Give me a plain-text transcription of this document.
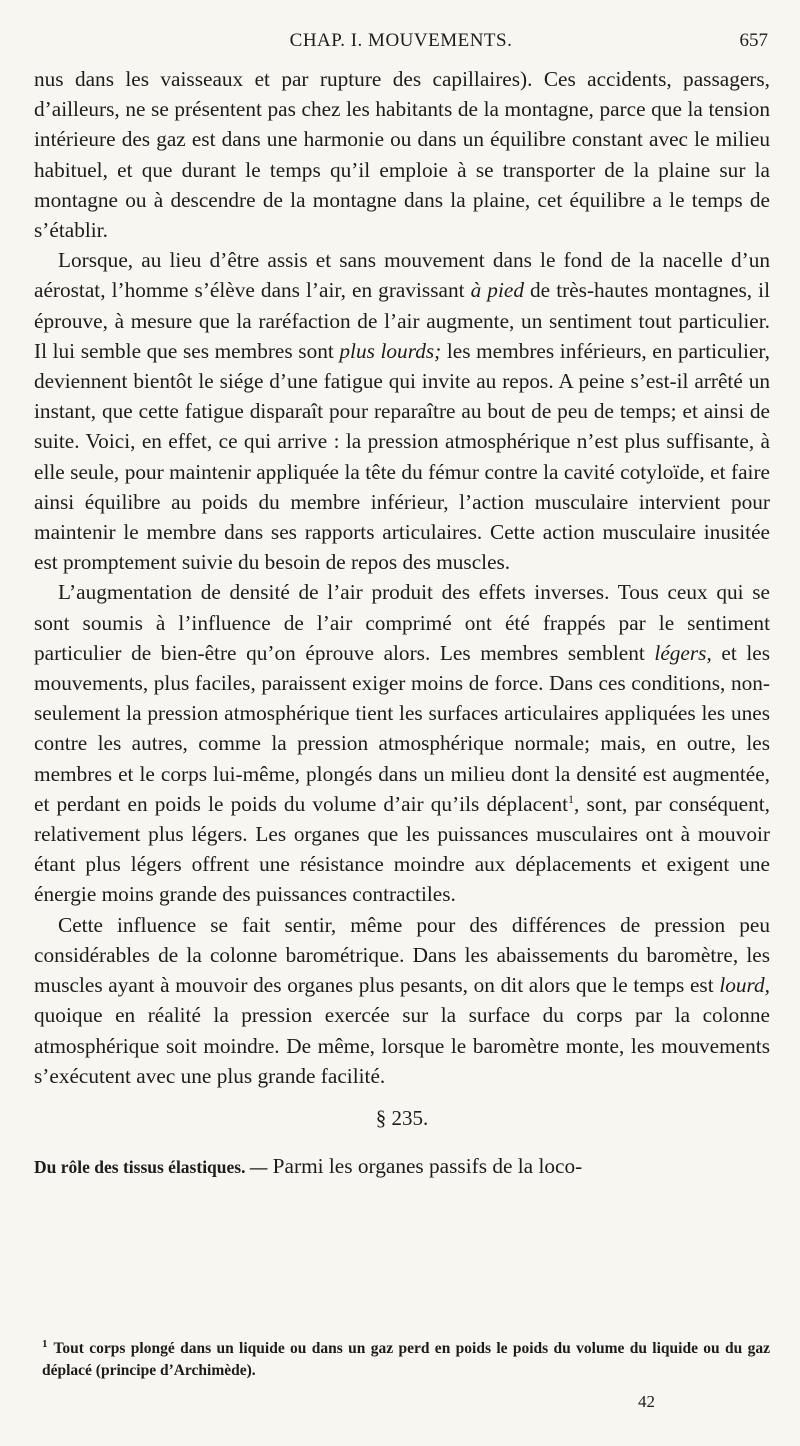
CHAP. I. MOUVEMENTS.	657

nus dans les vaisseaux et par rupture des capillaires). Ces accidents, passagers, d’ailleurs, ne se présentent pas chez les habitants de la montagne, parce que la tension intérieure des gaz est dans une harmonie ou dans un équilibre constant avec le milieu habituel, et que durant le temps qu’il emploie à se transporter de la plaine sur la montagne ou à descendre de la montagne dans la plaine, cet équilibre a le temps de s’établir.

Lorsque, au lieu d’être assis et sans mouvement dans le fond de la nacelle d’un aérostat, l’homme s’élève dans l’air, en gravissant à pied de très-hautes montagnes, il éprouve, à mesure que la raréfaction de l’air augmente, un sentiment tout particulier. Il lui semble que ses membres sont plus lourds; les membres inférieurs, en particulier, deviennent bientôt le siége d’une fatigue qui invite au repos. A peine s’est-il arrêté un instant, que cette fatigue disparaît pour reparaître au bout de peu de temps; et ainsi de suite. Voici, en effet, ce qui arrive : la pression atmosphérique n’est plus suffisante, à elle seule, pour maintenir appliquée la tête du fémur contre la cavité cotyloïde, et faire ainsi équilibre au poids du membre inférieur, l’action musculaire intervient pour maintenir le membre dans ses rapports articulaires. Cette action musculaire inusitée est promptement suivie du besoin de repos des muscles.

L’augmentation de densité de l’air produit des effets inverses. Tous ceux qui se sont soumis à l’influence de l’air comprimé ont été frappés par le sentiment particulier de bien-être qu’on éprouve alors. Les membres semblent légers, et les mouvements, plus faciles, paraissent exiger moins de force. Dans ces conditions, non-seulement la pression atmosphérique tient les surfaces articulaires appliquées les unes contre les autres, comme la pression atmosphérique normale; mais, en outre, les membres et le corps lui-même, plongés dans un milieu dont la densité est augmentée, et perdant en poids le poids du volume d’air qu’ils déplacent$^1$, sont, par conséquent, relativement plus légers. Les organes que les puissances musculaires ont à mouvoir étant plus légers offrent une résistance moindre aux déplacements et exigent une énergie moins grande des puissances contractiles.

Cette influence se fait sentir, même pour des différences de pression peu considérables de la colonne barométrique. Dans les abaissements du baromètre, les muscles ayant à mouvoir des organes plus pesants, on dit alors que le temps est lourd, quoique en réalité la pression exercée sur la surface du corps par la colonne atmosphérique soit moindre. De même, lorsque le baromètre monte, les mouvements s’exécutent avec une plus grande facilité.

§ 235.

Du rôle des tissus élastiques. — Parmi les organes passifs de la loco-

$^1$ Tout corps plongé dans un liquide ou dans un gaz perd en poids le poids du volume du liquide ou du gaz déplacé (principe d’Archimède).
42
